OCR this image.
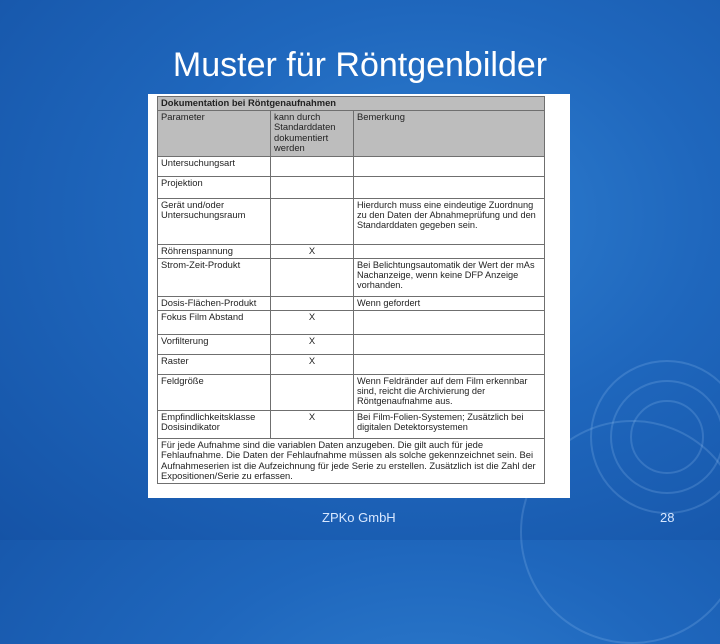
Muster für Röntgenbilder
Dokumentation bei Röntgenaufnahmen		
Parameter	kann durch Standarddaten dokumentiert werden	Bemerkung
Untersuchungsart		
Projektion		
Gerät und/oder Untersuchungsraum		Hierdurch muss eine eindeutige Zuordnung zu den Daten der Abnahmeprüfung und den Standarddaten gegeben sein.
Röhrenspannung	X	
Strom-Zeit-Produkt		Bei Belichtungsautomatik der Wert der mAs Nachanzeige, wenn keine DFP Anzeige vorhanden.
Dosis-Flächen-Produkt		Wenn gefordert
Fokus Film Abstand	X	
Vorfilterung	X	
Raster	X	
Feldgröße		Wenn Feldränder auf dem Film erkennbar sind, reicht die Archivierung der Röntgenaufnahme aus.
Empfindlichkeitsklasse Dosisindikator	X	Bei Film-Folien-Systemen; Zusätzlich bei digitalen Detektorsystemen
Für jede Aufnahme sind die variablen Daten anzugeben. Die gilt auch für jede Fehlaufnahme. Die Daten der Fehlaufnahme müssen als solche gekennzeichnet sein. Bei Aufnahmeserien ist die Aufzeichnung für jede Serie zu erstellen. Zusätzlich ist die Zahl der Expositionen/Serie zu erfassen.		
ZPKo GmbH	28
